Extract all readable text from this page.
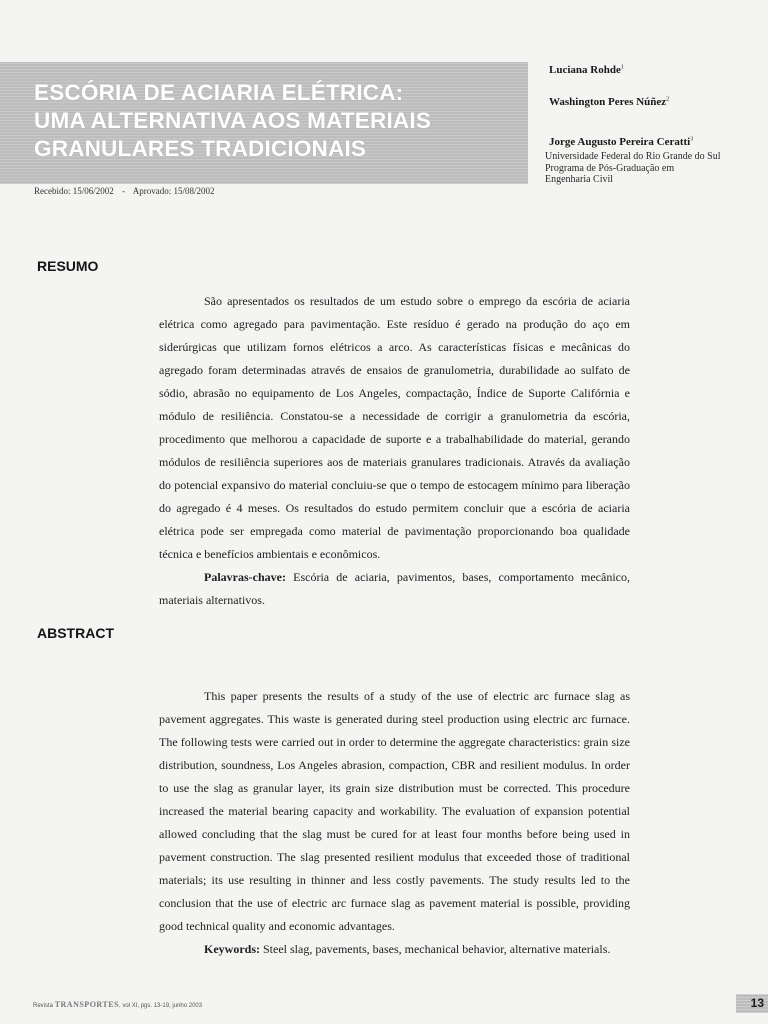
ESCÓRIA DE ACIARIA ELÉTRICA:
UMA ALTERNATIVA AOS MATERIAIS
GRANULARES TRADICIONAIS
Recebido: 15/06/2002 - Aprovado: 15/08/2002
Luciana Rohde$^1$
Washington Peres Núñez$^2$
Jorge Augusto Pereira Ceratti$^3$
Universidade Federal do Rio Grande do Sul
Programa de Pós-Graduação em
Engenharia Civil
RESUMO

São apresentados os resultados de um estudo sobre o emprego da escória de aciaria elétrica como agregado para pavimentação. Este resíduo é gerado na produção do aço em siderúrgicas que utilizam fornos elétricos a arco. As características físicas e mecânicas do agregado foram determinadas através de ensaios de granulometria, durabilidade ao sulfato de sódio, abrasão no equipamento de Los Angeles, compactação, Índice de Suporte Califórnia e módulo de resiliência. Constatou-se a necessidade de corrigir a granulometria da escória, procedimento que melhorou a capacidade de suporte e a trabalhabilidade do material, gerando módulos de resiliência superiores aos de materiais granulares tradicionais. Através da avaliação do potencial expansivo do material concluiu-se que o tempo de estocagem mínimo para liberação do agregado é 4 meses. Os resultados do estudo permitem concluir que a escória de aciaria elétrica pode ser empregada como material de pavimentação proporcionando boa qualidade técnica e benefícios ambientais e econômicos.

Palavras-chave: Escória de aciaria, pavimentos, bases, comportamento mecânico, materiais alternativos.

ABSTRACT

This paper presents the results of a study of the use of electric arc furnace slag as pavement aggregates. This waste is generated during steel production using electric arc furnace. The following tests were carried out in order to determine the aggregate characteristics: grain size distribution, soundness, Los Angeles abrasion, compaction, CBR and resilient modulus. In order to use the slag as granular layer, its grain size distribution must be corrected. This procedure increased the material bearing capacity and workability. The evaluation of expansion potential allowed concluding that the slag must be cured for at least four months before being used in pavement construction. The slag presented resilient modulus that exceeded those of traditional materials; its use resulting in thinner and less costly pavements. The study results led to the conclusion that the use of electric arc furnace slag as pavement material is possible, providing good technical quality and economic advantages.

Keywords: Steel slag, pavements, bases, mechanical behavior, alternative materials.

Revista TRANSPORTES, vol XI, pgs. 13-19, junho 2003	13
